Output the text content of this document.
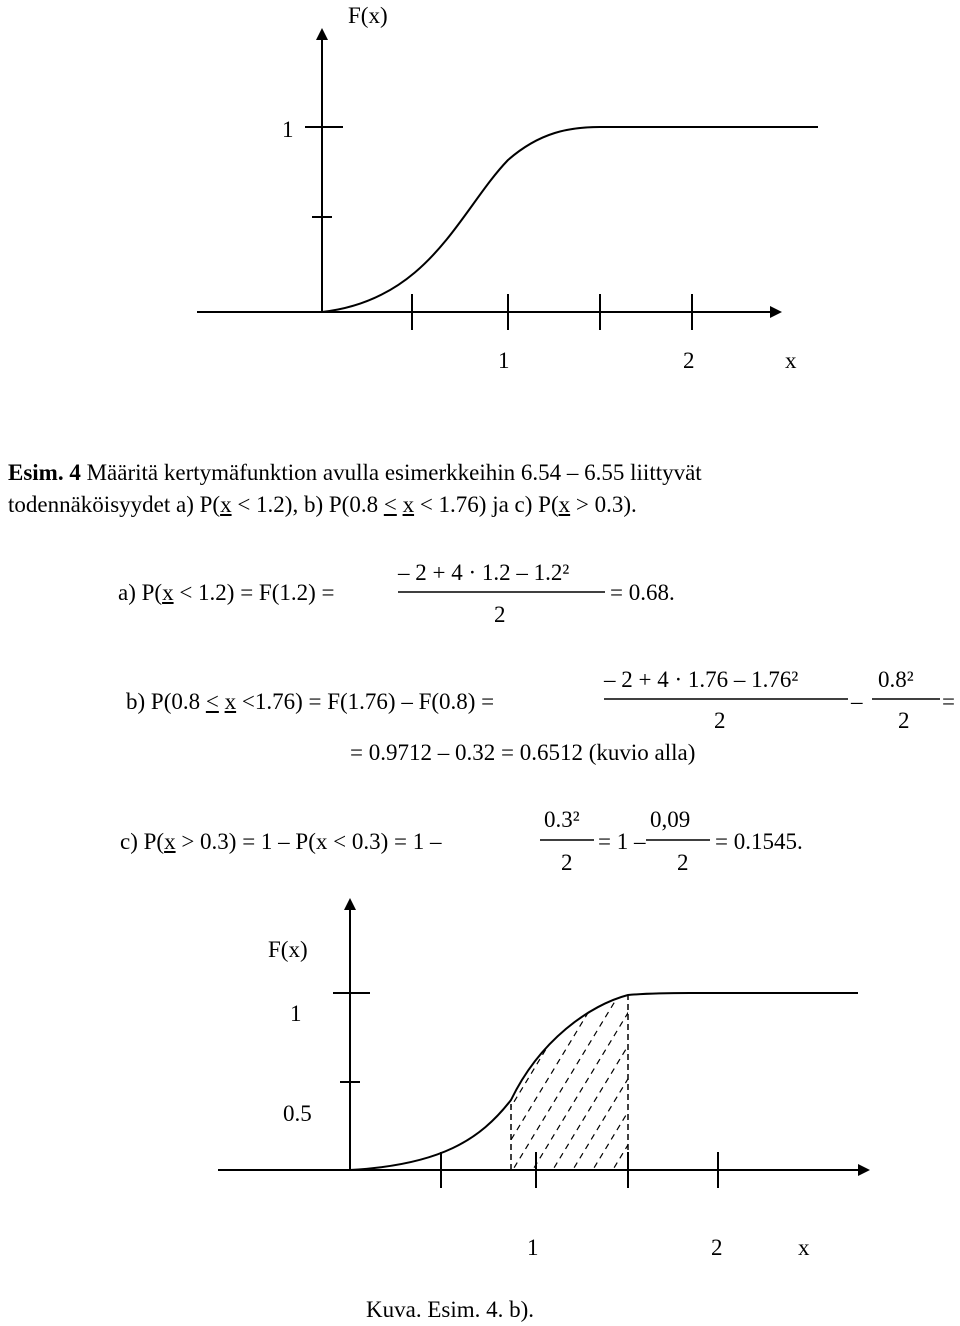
F(x)
1
1	2	x
Esim. 4 Määritä kertymäfunktion avulla esimerkkeihin 6.54 – 6.55 liittyvät
todennäköisyydet a) P(x < 1.2), b) P(0.8 < x < 1.76) ja c) P(x > 0.3).
a) P(x < 1.2) = F(1.2) =
– 2 + 4 · 1.2 – 1.2²
2
= 0.68.
b) P(0.8 < x <1.76) = F(1.76) – F(0.8) =
– 2 + 4 · 1.76 – 1.76²
2
–
0.8²
2
=
= 0.9712 – 0.32 = 0.6512 (kuvio alla)
c) P(x > 0.3) = 1 – P(x < 0.3) = 1 –
0.3²
2
= 1 –
0,09
2
= 0.1545.
F(x)
1
0.5
1	2	x
Kuva. Esim. 4. b).
